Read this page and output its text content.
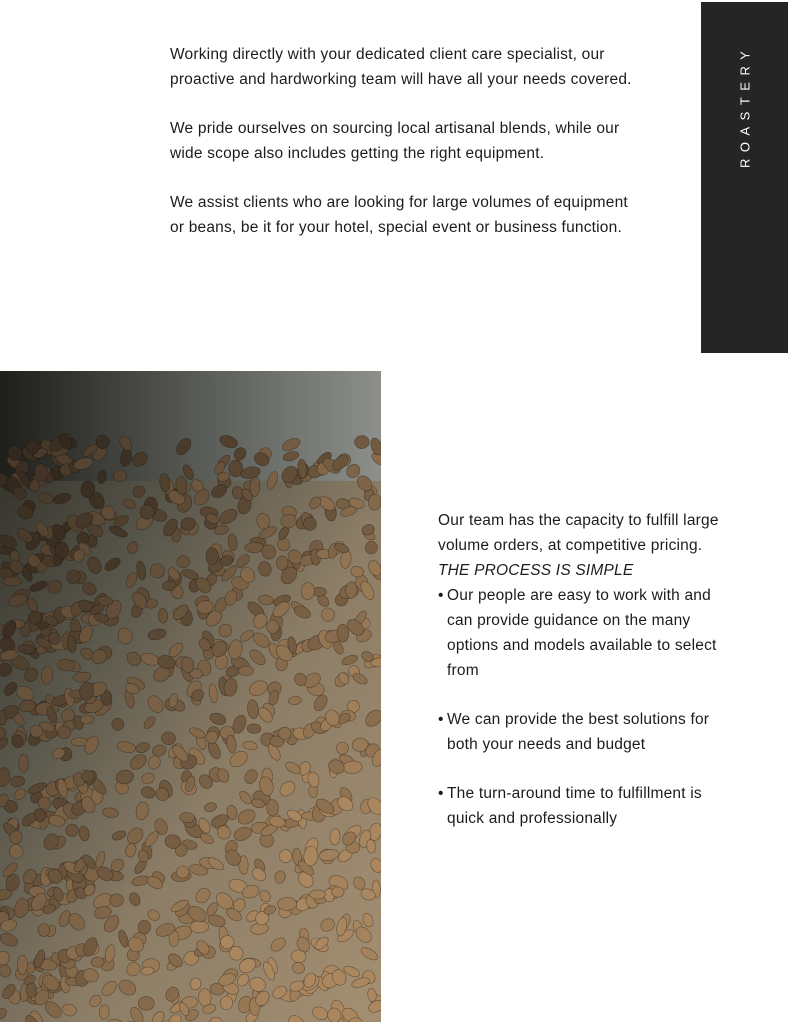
Working directly with your dedicated client care specialist, our proactive and hardworking team will have all your needs covered.

We pride ourselves on sourcing local artisanal blends, while our wide scope also includes getting the right equipment.

We assist clients who are looking for large volumes of equipment or beans, be it for your hotel, special event or business function.

ROASTERY

Our team has the capacity to fulfill large volume orders, at competitive pricing.

THE PROCESS IS SIMPLE

• Our people are easy to work with and can provide guidance on the many options and models available to select from
• We can provide the best solutions for both your needs and budget
• The turn-around time to fulfillment is quick and professionally
